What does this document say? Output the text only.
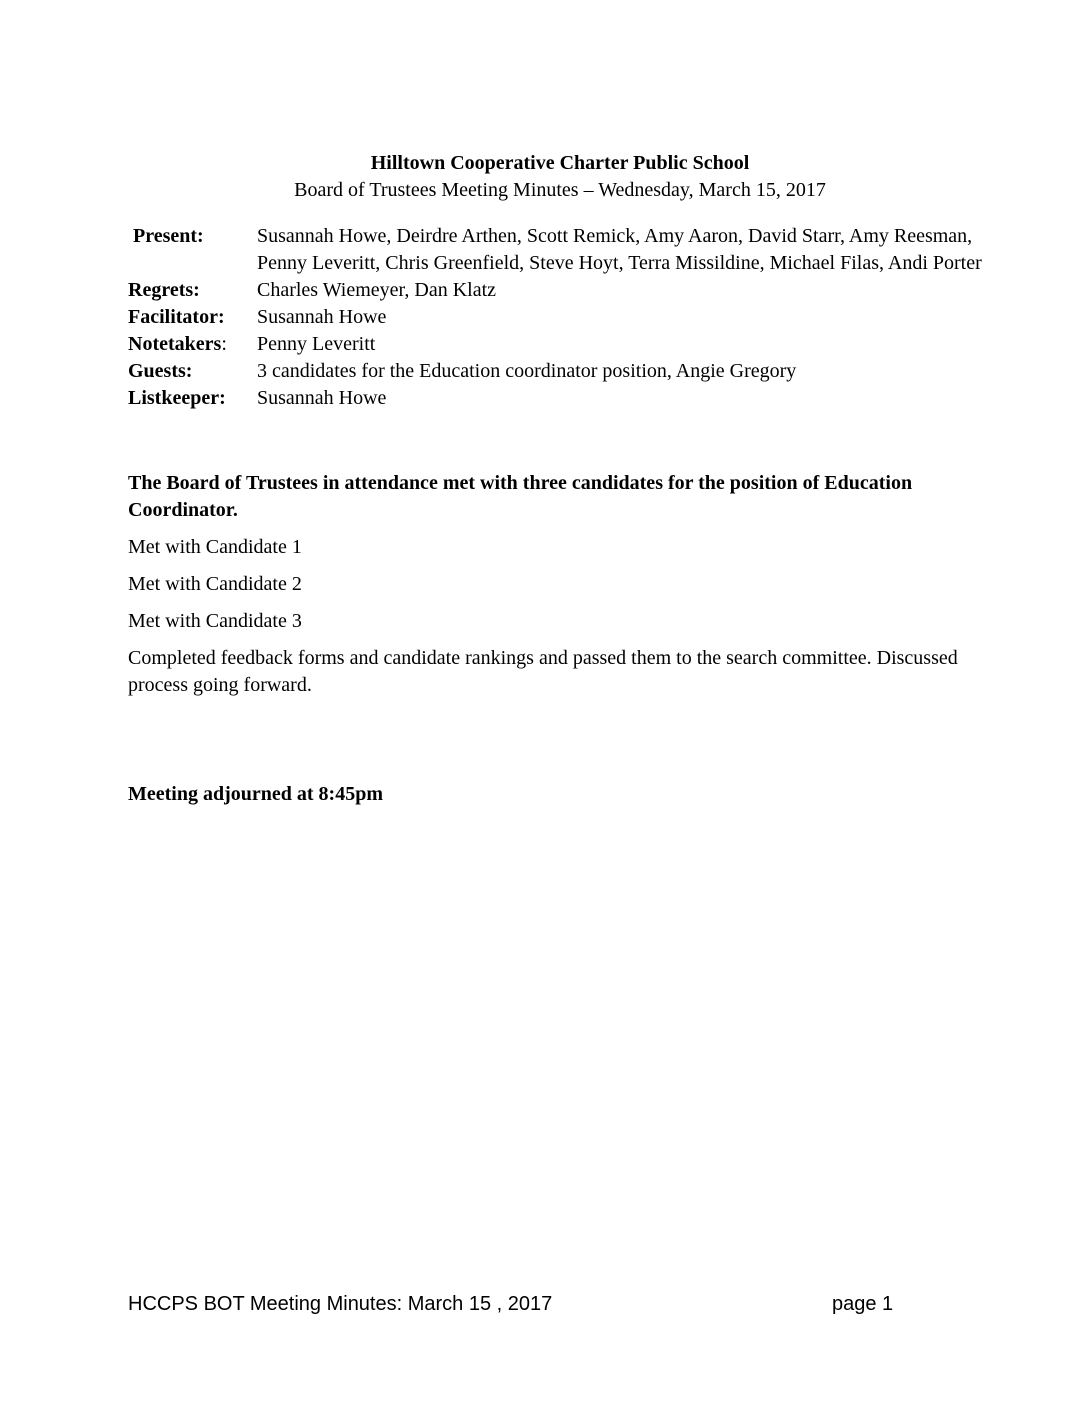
Hilltown Cooperative Charter Public School
Board of Trustees Meeting Minutes – Wednesday, March 15, 2017
Present:	Susannah Howe, Deirdre Arthen, Scott Remick, Amy Aaron, David Starr, Amy Reesman, Penny Leveritt, Chris Greenfield, Steve Hoyt, Terra Missildine, Michael Filas, Andi Porter
Regrets:	Charles Wiemeyer, Dan Klatz
Facilitator:	Susannah Howe
Notetakers:	Penny Leveritt
Guests:	3 candidates for the Education coordinator position, Angie Gregory
Listkeeper:	Susannah Howe
The Board of Trustees in attendance met with three candidates for the position of Education Coordinator.
Met with Candidate 1
Met with Candidate 2
Met with Candidate 3
Completed feedback forms and candidate rankings and passed them to the search committee. Discussed process going forward.
Meeting adjourned at 8:45pm
HCCPS BOT Meeting Minutes: March 15 , 2017	page 1
